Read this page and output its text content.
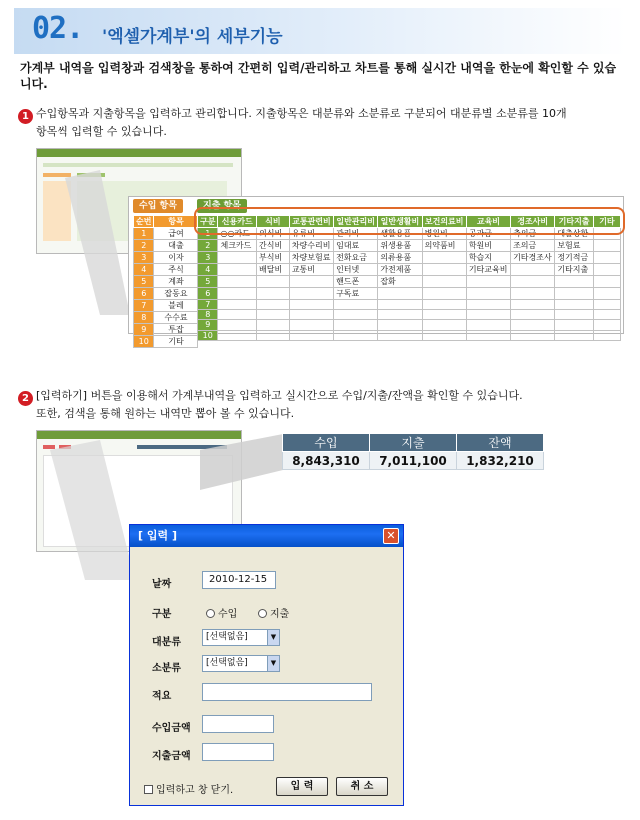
02. '엑셀가계부'의 세부기능
가계부 내역을 입력창과 검색창을 통하여 간편히 입력/관리하고 차트를 통해 실시간 내역을 한눈에 확인할 수 있습니다.
1 수입항목과 지출항목을 입력하고 관리합니다. 지출항목은 대분류와 소분류로 구분되어 대분류별 소분류를 10개
항목씩 입력할 수 있습니다.
수입 항목	지출 항목
순번	항목
1	급여
2	대출
3	이자
4	주식
5	계좌
6	잡동요
7	블레
8	수수료
9	투잡
10	기타
구분	신용카드	식비	교통관련비	일반관리비	일반생활비	보건의료비	교육비	경조사비	기타지출	기타
1	○○카드	외식비	유류비	관리비	생활용품	병원비	공과금	축의금	대출상환	
2	체크카드	간식비	차량수리비	임대료	위생용품	의약품비	학원비	조의금	보험료	
3		부식비	차량보험료	전화요금	의류용품		학습지	기타경조사	정기적금	
4		배달비	교통비	인터넷	가전제품		기타교육비		기타지출	
5				핸드폰	잡화					
6				구독료						
7										
8										
9										
10										
2 [입력하기] 버튼을 이용해서 가계부내역을 입력하고 실시간으로 수입/지출/잔액을 확인할 수 있습니다.
또한, 검색을 통해 원하는 내역만 뽑아 볼 수 있습니다.
수입	지출	잔액
8,843,310	7,011,100	1,832,210
[ 입력 ]	✕
날짜	2010-12-15
구분	수입	지출
대분류	[선택없음]	▼
소분류	[선택없음]	▼
적요
수입금액
지출금액
입력하고 창 닫기.	입 력	취 소
